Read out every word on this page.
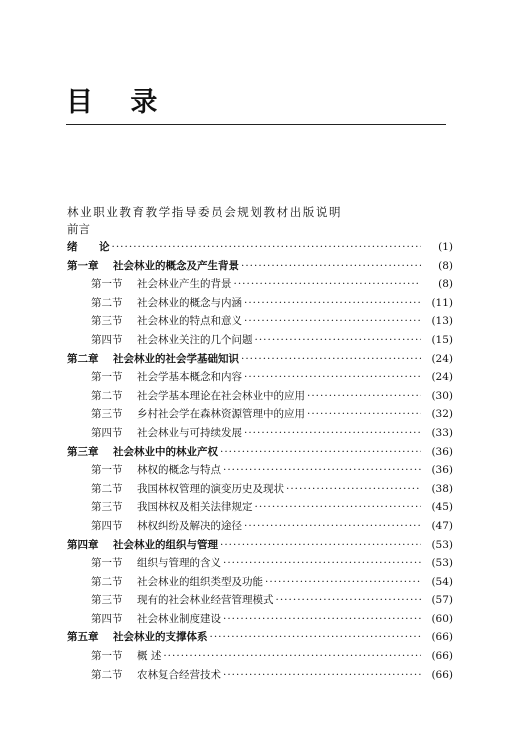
目 录
林业职业教育教学指导委员会规划教材出版说明
前言
绪	论 ·····	(1)
第一章	社会林业的概念及产生背景 ·····	(8)
第一节	社会林业产生的背景 ·····	(8)
第二节	社会林业的概念与内涵 ·····	(11)
第三节	社会林业的特点和意义 ·····	(13)
第四节	社会林业关注的几个问题 ·····	(15)
第二章	社会林业的社会学基础知识 ·····	(24)
第一节	社会学基本概念和内容 ·····	(24)
第二节	社会学基本理论在社会林业中的应用 ·····	(30)
第三节	乡村社会学在森林资源管理中的应用 ·····	(32)
第四节	社会林业与可持续发展 ·····	(33)
第三章	社会林业中的林业产权 ·····	(36)
第一节	林权的概念与特点 ·····	(36)
第二节	我国林权管理的演变历史及现状 ·····	(38)
第三节	我国林权及相关法律规定 ·····	(45)
第四节	林权纠纷及解决的途径 ·····	(47)
第四章	社会林业的组织与管理 ·····	(53)
第一节	组织与管理的含义 ·····	(53)
第二节	社会林业的组织类型及功能 ·····	(54)
第三节	现有的社会林业经营管理模式 ·····	(57)
第四节	社会林业制度建设 ·····	(60)
第五章	社会林业的支撑体系 ·····	(66)
第一节	概 述 ·····	(66)
第二节	农林复合经营技术 ·····	(66)
